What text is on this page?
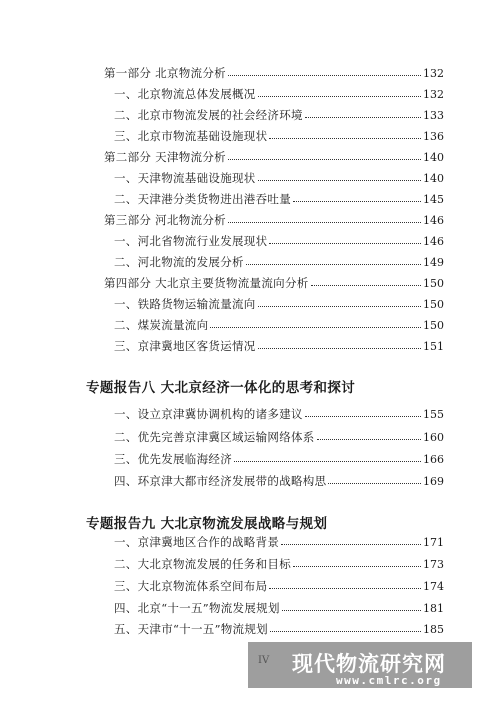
第一部分 北京物流分析	132
一、北京物流总体发展概况	132
二、北京市物流发展的社会经济环境	133
三、北京市物流基础设施现状	136
第二部分 天津物流分析	140
一、天津物流基础设施现状	140
二、天津港分类货物进出港吞吐量	145
第三部分 河北物流分析	146
一、河北省物流行业发展现状	146
二、河北物流的发展分析	149
第四部分 大北京主要货物流量流向分析	150
一、铁路货物运输流量流向	150
二、煤炭流量流向	150
三、京津冀地区客货运情况	151
专题报告八 大北京经济一体化的思考和探讨
一、设立京津冀协调机构的诸多建议	155
二、优先完善京津冀区域运输网络体系	160
三、优先发展临海经济	166
四、环京津大都市经济发展带的战略构思	169
专题报告九 大北京物流发展战略与规划
一、京津冀地区合作的战略背景	171
二、大北京物流发展的任务和目标	173
三、大北京物流体系空间布局	174
四、北京“十一五”物流发展规划	181
五、天津市“十一五”物流规划	185
IV 现代物流研究网
www.cmlrc.org
